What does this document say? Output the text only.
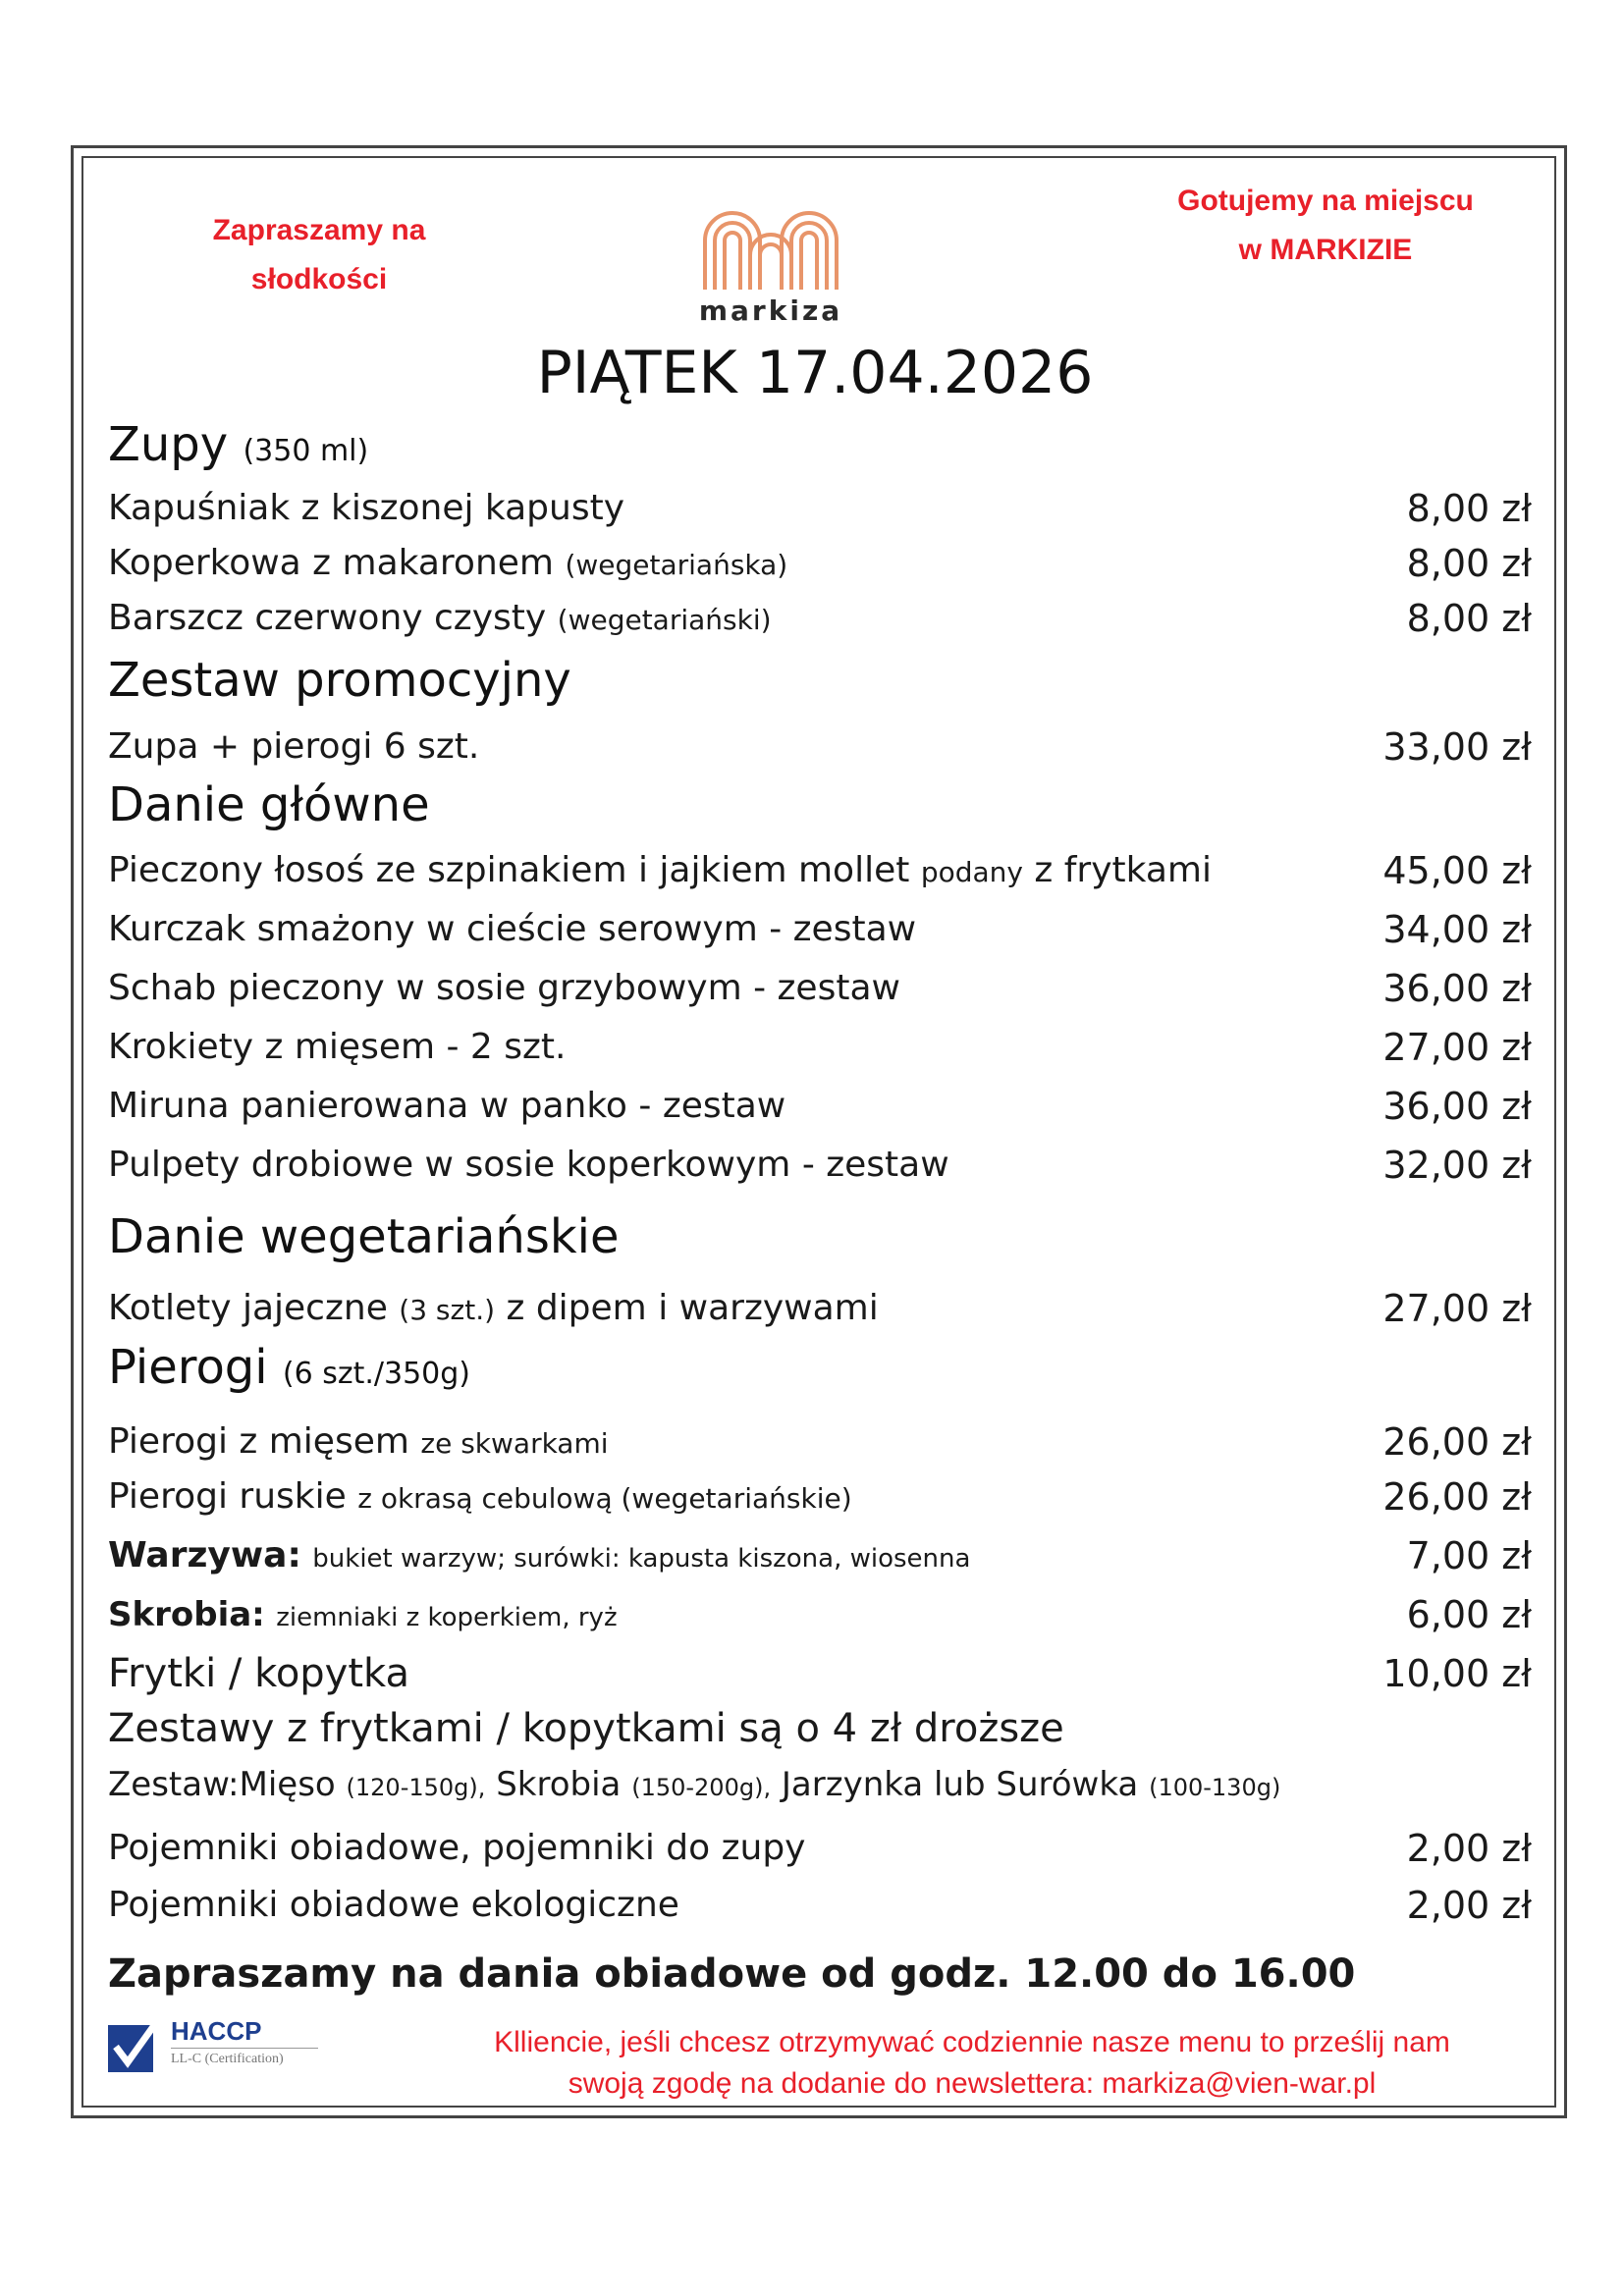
Zapraszamy na
słodkości
markiza
Gotujemy na miejscu
w MARKIZIE
PIĄTEK 17.04.2026
Zupy (350 ml)
Kapuśniak z kiszonej kapusty	8,00 zł
Koperkowa z makaronem (wegetariańska)	8,00 zł
Barszcz czerwony czysty (wegetariański)	8,00 zł
Zestaw promocyjny
Zupa + pierogi 6 szt.	33,00 zł
Danie główne
Pieczony łosoś ze szpinakiem i jajkiem mollet podany z frytkami	45,00 zł
Kurczak smażony w cieście serowym - zestaw	34,00 zł
Schab pieczony w sosie grzybowym - zestaw	36,00 zł
Krokiety z mięsem - 2 szt.	27,00 zł
Miruna panierowana w panko - zestaw	36,00 zł
Pulpety drobiowe w sosie koperkowym - zestaw	32,00 zł
Danie wegetariańskie
Kotlety jajeczne (3 szt.) z dipem i warzywami	27,00 zł
Pierogi (6 szt./350g)
Pierogi z mięsem ze skwarkami	26,00 zł
Pierogi ruskie z okrasą cebulową (wegetariańskie)	26,00 zł
Warzywa: bukiet warzyw; surówki: kapusta kiszona, wiosenna	7,00 zł
Skrobia: ziemniaki z koperkiem, ryż	6,00 zł
Frytki / kopytka	10,00 zł
Zestawy z frytkami / kopytkami są o 4 zł droższe
Zestaw:Mięso (120-150g), Skrobia (150-200g), Jarzynka lub Surówka (100-130g)
Pojemniki obiadowe, pojemniki do zupy	2,00 zł
Pojemniki obiadowe ekologiczne	2,00 zł
Zapraszamy na dania obiadowe od godz. 12.00 do 16.00
HACCP
LL-C (Certification)
Klliencie, jeśli chcesz otrzymywać codziennie nasze menu to prześlij nam
swoją zgodę na dodanie do newslettera: markiza@vien-war.pl
